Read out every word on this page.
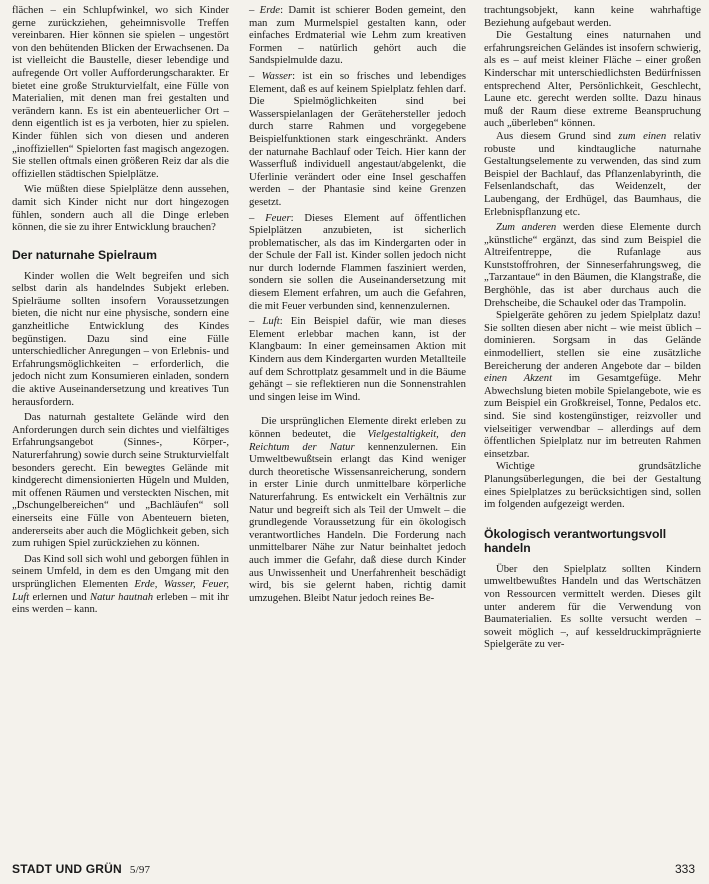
flächen – ein Schlupfwinkel, wo sich Kinder gerne zurückziehen, geheimnisvolle Treffen vereinbaren. Hier können sie spielen – ungestört von den behütenden Blicken der Erwachsenen. Da ist vielleicht die Baustelle, dieser lebendige und aufregende Ort voller Aufforderungscharakter. Er bietet eine große Strukturvielfalt, eine Fülle von Materialien, mit denen man frei gestalten und verändern kann. Es ist ein abenteuerlicher Ort – denn eigentlich ist es ja verboten, hier zu spielen. Kinder fühlen sich von diesen und anderen „inoffiziellen“ Spielorten fast magisch angezogen. Sie stellen oftmals einen größeren Reiz dar als die offiziellen städtischen Spielplätze.

Wie müßten diese Spielplätze denn aussehen, damit sich Kinder nicht nur dort hingezogen fühlen, sondern auch all die Dinge erleben können, die sie zu ihrer Entwicklung brauchen?

Der naturnahe Spielraum

Kinder wollen die Welt begreifen und sich selbst darin als handelndes Subjekt erleben. Spielräume sollten insofern Voraussetzungen bieten, die nicht nur eine physische, sondern eine ganzheitliche Entwicklung des Kindes begünstigen. Dazu sind eine Fülle unterschiedlicher Anregungen – von Erlebnis- und Erfahrungsmöglichkeiten – erforderlich, die jedoch nicht zum Konsumieren einladen, sondern die aktive Auseinandersetzung und kreatives Tun herausfordern.

Das naturnah gestaltete Gelände wird den Anforderungen durch sein dichtes und vielfältiges Erfahrungsangebot (Sinnes-, Körper-, Naturerfahrung) sowie durch seine Strukturvielfalt besonders gerecht. Ein bewegtes Gelände mit kindgerecht dimensionierten Hügeln und Mulden, mit offenen Räumen und versteckten Nischen, mit „Dschungelbereichen“ und „Bachläufen“ soll einerseits eine Fülle von Abenteuern bieten, andererseits aber auch die Möglichkeit geben, sich zum ruhigen Spiel zurückziehen zu können.

Das Kind soll sich wohl und geborgen fühlen in seinem Umfeld, in dem es den Umgang mit den ursprünglichen Elementen Erde, Wasser, Feuer, Luft erlernen und Natur hautnah erleben – mit ihr eins werden – kann.

– Erde: Damit ist schierer Boden gemeint, den man zum Murmelspiel gestalten kann, oder einfaches Erdmaterial wie Lehm zum kreativen Formen – natürlich gehört auch die Sandspielmulde dazu.

– Wasser: ist ein so frisches und lebendiges Element, daß es auf keinem Spielplatz fehlen darf. Die Spielmöglichkeiten sind bei Wasserspielanlagen der Gerätehersteller jedoch durch starre Rahmen und vorgegebene Beispielfunktionen stark eingeschränkt. Anders der naturnahe Bachlauf oder Teich. Hier kann der Wasserfluß individuell angestaut/abgelenkt, die Uferlinie verändert oder eine Insel geschaffen werden – der Phantasie sind keine Grenzen gesetzt.

– Feuer: Dieses Element auf öffentlichen Spielplätzen anzubieten, ist sicherlich problematischer, als das im Kindergarten oder in der Schule der Fall ist. Kinder sollen jedoch nicht nur durch lodernde Flammen fasziniert werden, sondern sie sollen die Auseinandersetzung mit diesem Element erfahren, um auch die Gefahren, die mit Feuer verbunden sind, kennenzulernen.

– Luft: Ein Beispiel dafür, wie man dieses Element erlebbar machen kann, ist der Klangbaum: In einer gemeinsamen Aktion mit Kindern aus dem Kindergarten wurden Metallteile auf dem Schrottplatz gesammelt und in die Bäume gehängt – sie reflektieren nun die Sonnenstrahlen und singen leise im Wind.

Die ursprünglichen Elemente direkt erleben zu können bedeutet, die Vielgestaltigkeit, den Reichtum der Natur kennenzulernen. Ein Umweltbewußtsein erlangt das Kind weniger durch theoretische Wissensanreicherung, sondern in erster Linie durch unmittelbare körperliche Naturerfahrung. Es entwickelt ein Verhältnis zur Natur und begreift sich als Teil der Umwelt – die grundlegende Voraussetzung für ein ökologisch verantwortliches Handeln. Die Forderung nach unmittelbarer Nähe zur Natur beinhaltet jedoch auch immer die Gefahr, daß diese durch Kinder aus Unwissenheit und Unerfahrenheit beschädigt wird, bis sie gelernt haben, richtig damit umzugehen. Bleibt Natur jedoch reines Be-

trachtungsobjekt, kann keine wahrhaftige Beziehung aufgebaut werden.

Die Gestaltung eines naturnahen und erfahrungsreichen Geländes ist insofern schwierig, als es – auf meist kleiner Fläche – einer großen Kinderschar mit unterschiedlichsten Bedürfnissen entsprechend Alter, Persönlichkeit, Geschlecht, Laune etc. gerecht werden sollte. Dazu hinaus muß der Raum diese extreme Beanspruchung auch „überleben“ können.

Aus diesem Grund sind zum einen relativ robuste und kindtaugliche naturnahe Gestaltungselemente zu verwenden, das sind zum Beispiel der Bachlauf, das Pflanzenlabyrinth, die Felsenlandschaft, das Weidenzelt, der Laubengang, der Erdhügel, das Baumhaus, die Erlebnispflanzung etc.

Zum anderen werden diese Elemente durch „künstliche“ ergänzt, das sind zum Beispiel die Altreifentreppe, die Rufanlage aus Kunststoffrohren, der Sinneserfahrungsweg, die „Tarzantaue“ in den Bäumen, die Klangstraße, die Berghöhle, das ist aber durchaus auch die Drehscheibe, die Schaukel oder das Trampolin.

Spielgeräte gehören zu jedem Spielplatz dazu! Sie sollten diesen aber nicht – wie meist üblich – dominieren. Sorgsam in das Gelände einmodelliert, stellen sie eine zusätzliche Bereicherung der anderen Angebote dar – bilden einen Akzent im Gesamtgefüge. Mehr Abwechslung bieten mobile Spielangebote, wie es zum Beispiel ein Großkreisel, Tonne, Pedalos etc. sind. Sie sind kostengünstiger, reizvoller und vielseitiger verwendbar – allerdings auf dem öffentlichen Spielplatz nur im betreuten Rahmen einsetzbar.

Wichtige grundsätzliche Planungsüberlegungen, die bei der Gestaltung eines Spielplatzes zu berücksichtigen sind, sollen im folgenden aufgezeigt werden.

Ökologisch verantwortungsvoll handeln

Über den Spielplatz sollten Kindern umweltbewußtes Handeln und das Wertschätzen von Ressourcen vermittelt werden. Dieses gilt unter anderem für die Verwendung von Baumaterialien. Es sollte versucht werden – soweit möglich –, auf kesseldruckimprägnierte Spielgeräte zu ver-

STADT UND GRÜN 5/97	333
